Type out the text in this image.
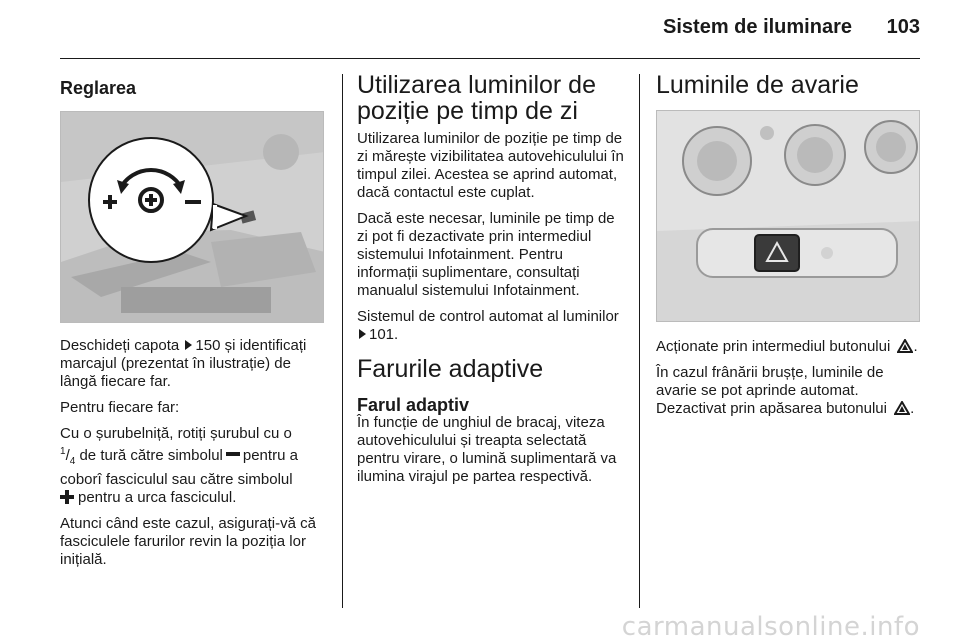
Sistem de iluminare 103
Reglarea

Deschideți capota 150 și identificați marcajul (prezentat în ilustrație) de lângă fiecare far.

Pentru fiecare far:

Cu o șurubelniță, rotiți șurubul cu o
$^1/_4$ de tură către simbolul pentru a coborî fasciculul sau către simbolul
pentru a urca fasciculul.

Atunci când este cazul, asigurați-vă că fasciculele farurilor revin la poziția lor inițială.

Utilizarea luminilor de poziție pe timp de zi

Utilizarea luminilor de poziție pe timp de zi mărește vizibilitatea autovehiculului în timpul zilei. Acestea se aprind automat, dacă contactul este cuplat.

Dacă este necesar, luminile pe timp de zi pot fi dezactivate prin intermediul sistemului Infotainment. Pentru informații suplimentare, consultați manualul sistemului Infotainment.

Sistemul de control automat al luminilor 101.

Farurile adaptive
Farul adaptiv

În funcție de unghiul de bracaj, viteza autovehiculului și treapta selectată pentru virare, o lumină suplimentară va ilumina virajul pe partea respectivă.

Luminile de avarie

Acționate prin intermediul butonului .

În cazul frânării brușțe, luminile de avarie se pot aprinde automat. Dezactivat prin apăsarea butonului .

carmanualsonline.info
